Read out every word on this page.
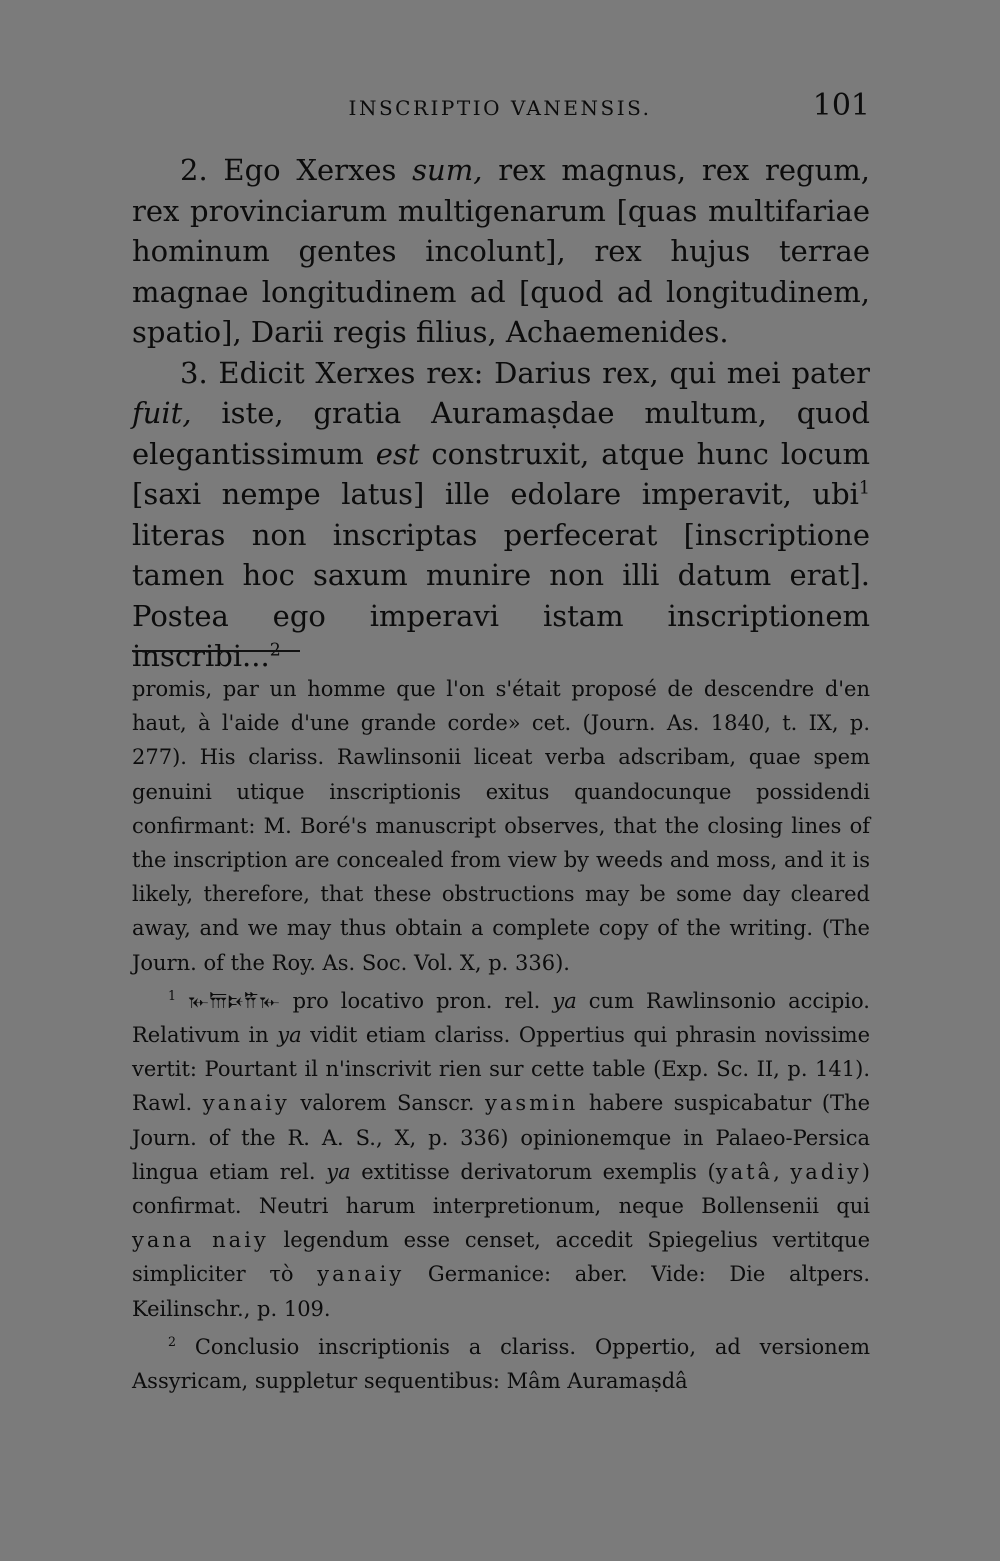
INSCRIPTIO VANENSIS.	101

2. Ego Xerxes sum, rex magnus, rex regum, rex provinciarum multigenarum [quas multifariae hominum gentes incolunt], rex hujus terrae magnae longitudinem ad [quod ad longitudinem, spatio], Darii regis filius, Achaemenides.

3. Edicit Xerxes rex: Darius rex, qui mei pater fuit, iste, gratia Auramaṣdae multum, quod elegantissimum est construxit, atque hunc locum [saxi nempe latus] ille edolare imperavit, ubi$^1$ literas non inscriptas perfecerat [inscriptione tamen hoc saxum munire non illi datum erat]. Postea ego imperavi istam inscriptionem inscribi...$^2$

promis, par un homme que l'on s'était proposé de descendre d'en haut, à l'aide d'une grande corde» cet. (Journ. As. 1840, t. IX, p. 277). His clariss. Rawlinsonii liceat verba adscribam, quae spem genuini utique inscriptionis exitus quandocunque possidendi confirmant: M. Boré's manuscript observes, that the closing lines of the inscription are concealed from view by weeds and moss, and it is likely, therefore, that these obstructions may be some day cleared away, and we may thus obtain a complete copy of the writing. (The Journ. of the Roy. As. Soc. Vol. X, p. 336).

$^1$ 𐎹𐎠𐎴𐎡𐎹 pro locativo pron. rel. ya cum Rawlinsonio accipio. Relativum in ya vidit etiam clariss. Oppertius qui phrasin novissime vertit: Pourtant il n'inscrivit rien sur cette table (Exp. Sc. II, p. 141). Rawl. yanaiy valorem Sanscr. yasmin habere suspicabatur (The Journ. of the R. A. S., X, p. 336) opinionemque in Palaeo-Persica lingua etiam rel. ya extitisse derivatorum exemplis (yatâ, yadiy) confirmat. Neutri harum interpretionum, neque Bollensenii qui yana naiy legendum esse censet, accedit Spiegelius vertitque simpliciter τὸ yanaiy Germanice: aber. Vide: Die altpers. Keilinschr., p. 109.

$^2$ Conclusio inscriptionis a clariss. Oppertio, ad versionem Assyricam, suppletur sequentibus: Mâm Auramaṣdâ
